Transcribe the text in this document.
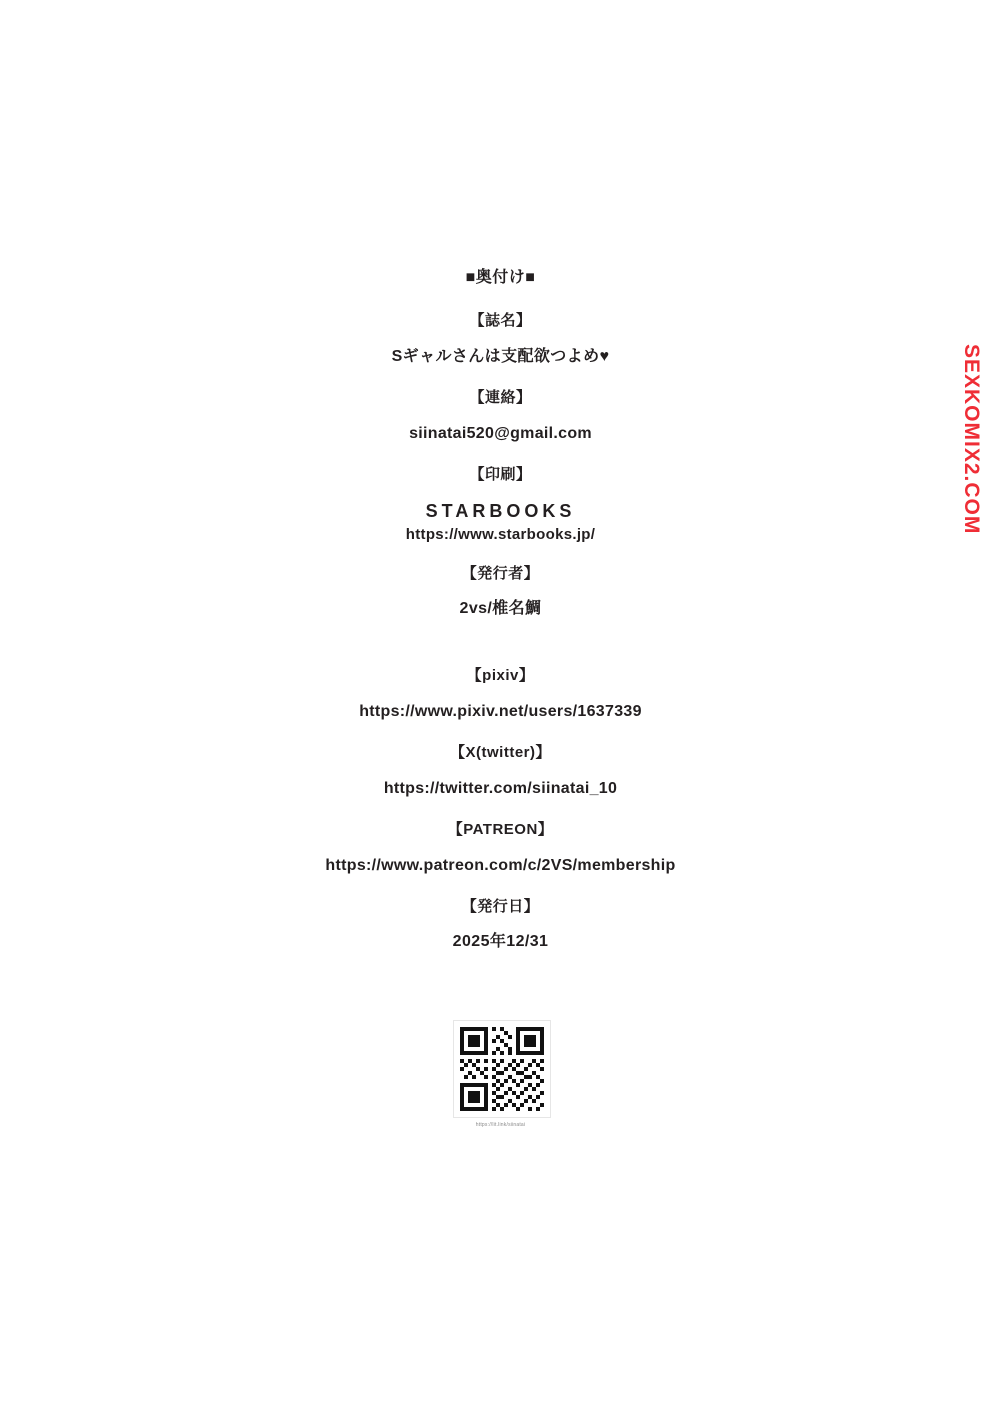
■奥付け■
【誌名】
Sギャルさんは支配欲つよめ♥
【連絡】
siinatai520@gmail.com
【印刷】
STARBOOKS
https://www.starbooks.jp/
【発行者】
2vs/椎名鯛
【pixiv】
https://www.pixiv.net/users/1637339
【X(twitter)】
https://twitter.com/siinatai_10
【PATREON】
https://www.patreon.com/c/2VS/membership
【発行日】
2025年12/31
https://lit.link/siinatai
SEXKOMIX2.COM
